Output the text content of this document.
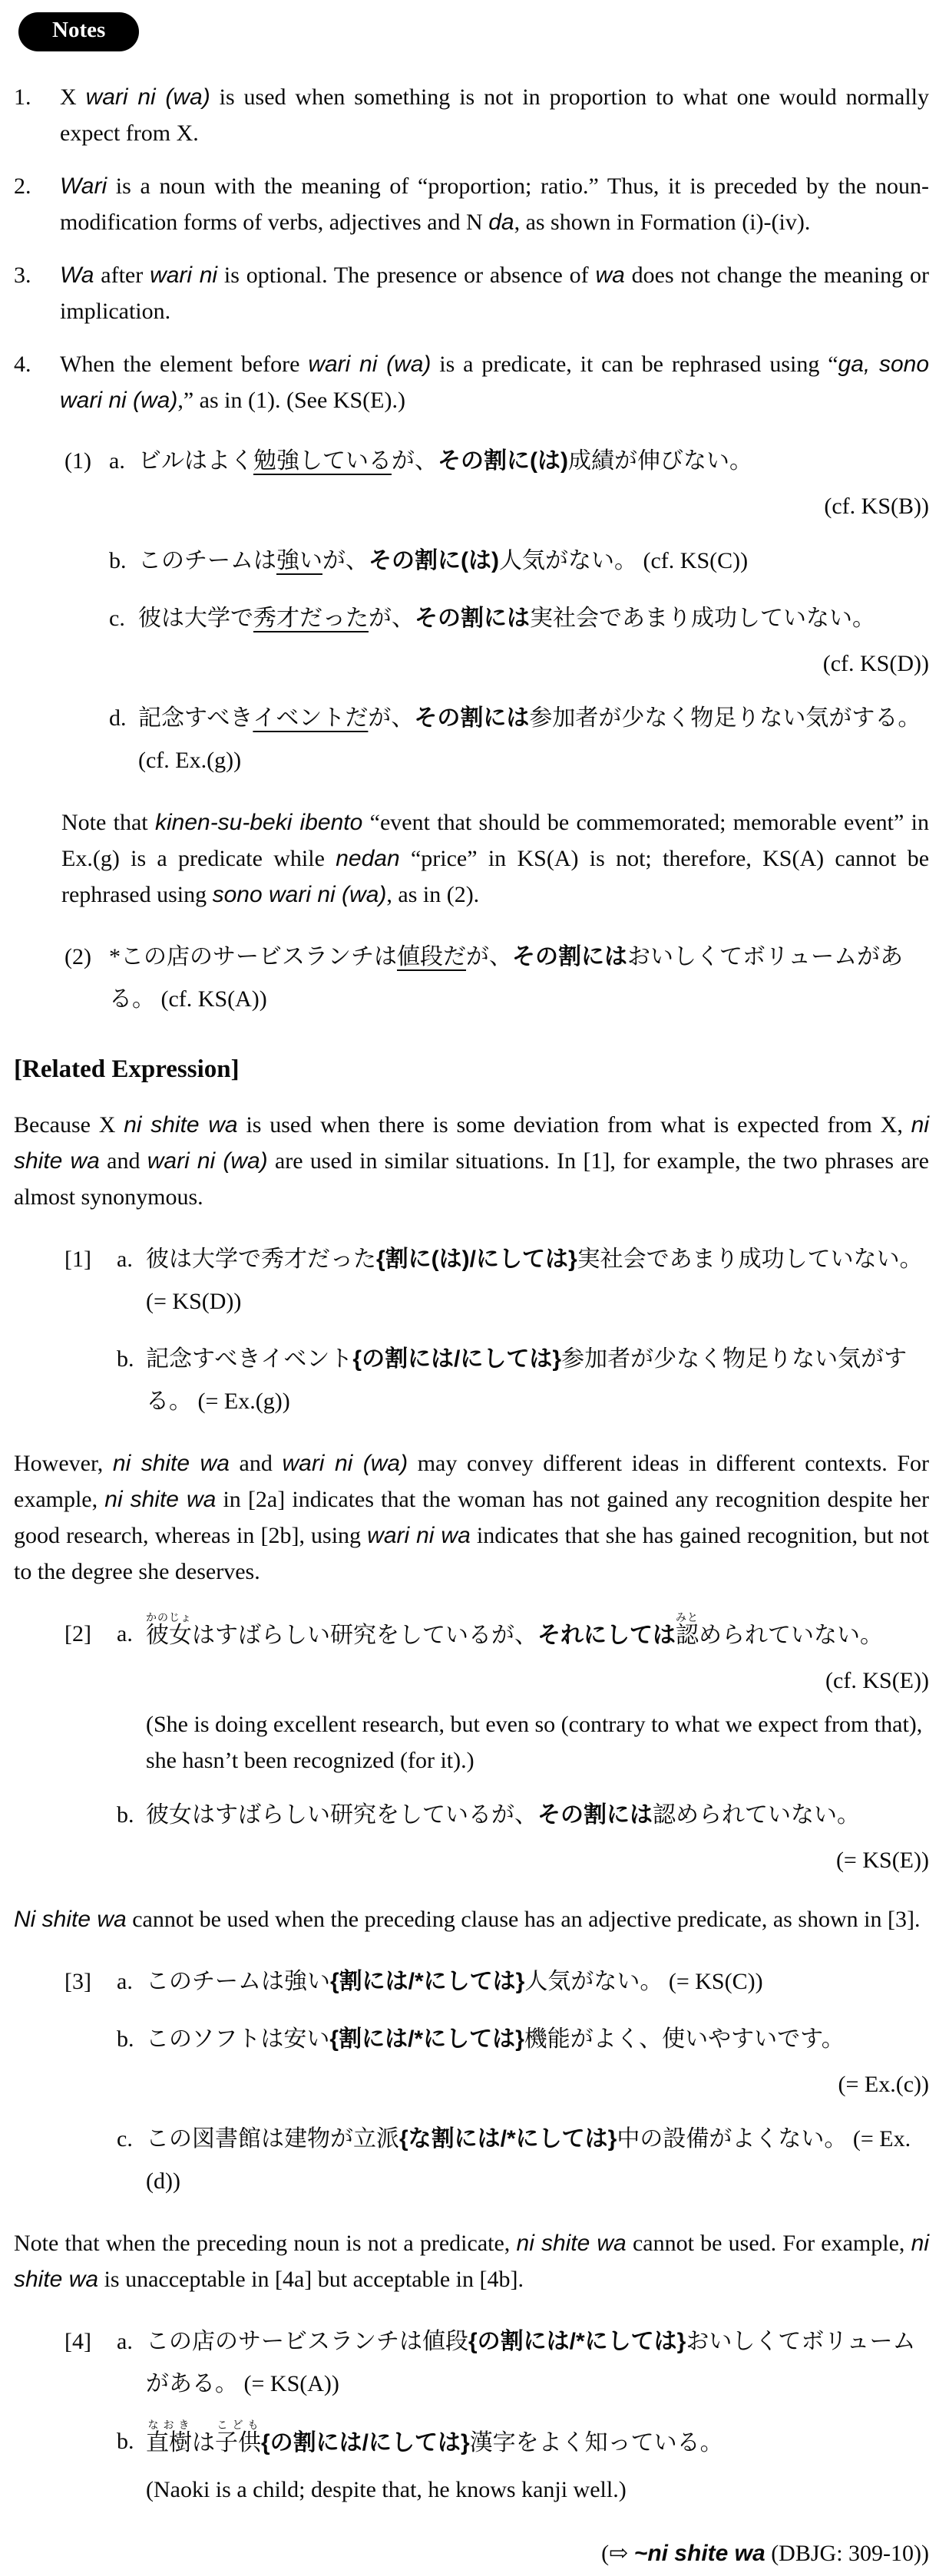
Notes
1.	X wari ni (wa) is used when something is not in proportion to what one would normally expect from X.
2.	Wari is a noun with the meaning of “proportion; ratio.” Thus, it is preceded by the noun-modification forms of verbs, adjectives and N da, as shown in Formation (i)-(iv).
3.	Wa after wari ni is optional. The presence or absence of wa does not change the meaning or implication.
4.	When the element before wari ni (wa) is a predicate, it can be rephrased using “ga, sono wari ni (wa),” as in (1). (See KS(E).)
(1) a. ビルはよく勉強しているが、その割に(は)成績が伸びない。
(cf. KS(B))
b. このチームは強いが、その割に(は)人気がない。 (cf. KS(C))
c. 彼は大学で秀才だったが、その割には実社会であまり成功していない。
(cf. KS(D))
d. 記念すべきイベントだが、その割には参加者が少なく物足りない気がする。 (cf. Ex.(g))
Note that kinen-su-beki ibento “event that should be commemorated; memorable event” in Ex.(g) is a predicate while nedan “price” in KS(A) is not; therefore, KS(A) cannot be rephrased using sono wari ni (wa), as in (2).
(2) *この店のサービスランチは値段だが、その割にはおいしくてボリュームがある。 (cf. KS(A))
[Related Expression]
Because X ni shite wa is used when there is some deviation from what is expected from X, ni shite wa and wari ni (wa) are used in similar situations. In [1], for example, the two phrases are almost synonymous.
[1]	a. 彼は大学で秀才だった{割に(は)/にしては}実社会であまり成功していない。 (= KS(D))
b. 記念すべきイベント{の割には/にしては}参加者が少なく物足りない気がする。 (= Ex.(g))
However, ni shite wa and wari ni (wa) may convey different ideas in different contexts. For example, ni shite wa in [2a] indicates that the woman has not gained any recognition despite her good research, whereas in [2b], using wari ni wa indicates that she has gained recognition, but not to the degree she deserves.
[2]	a. 彼女かのじょはすばらしい研究をしているが、それにしては認みとめられていない。
(cf. KS(E))
(She is doing excellent research, but even so (contrary to what we expect from that), she hasn’t been recognized (for it).)
b. 彼女はすばらしい研究をしているが、その割には認められていない。
(= KS(E))
Ni shite wa cannot be used when the preceding clause has an adjective predicate, as shown in [3].
[3]	a. このチームは強い{割には/*にしては}人気がない。 (= KS(C))
b. このソフトは安い{割には/*にしては}機能がよく、使いやすいです。
(= Ex.(c))
c. この図書館は建物が立派{な割には/*にしては}中の設備がよくない。 (= Ex.(d))
Note that when the preceding noun is not a predicate, ni shite wa cannot be used. For example, ni shite wa is unacceptable in [4a] but acceptable in [4b].
[4]	a. この店のサービスランチは値段{の割には/*にしては}おいしくてボリュームがある。 (= KS(A))
b. 直樹なおきは子供こども{の割には/にしては}漢字をよく知っている。
(Naoki is a child; despite that, he knows kanji well.)
(⇨ ~ni shite wa (DBJG: 309-10))
